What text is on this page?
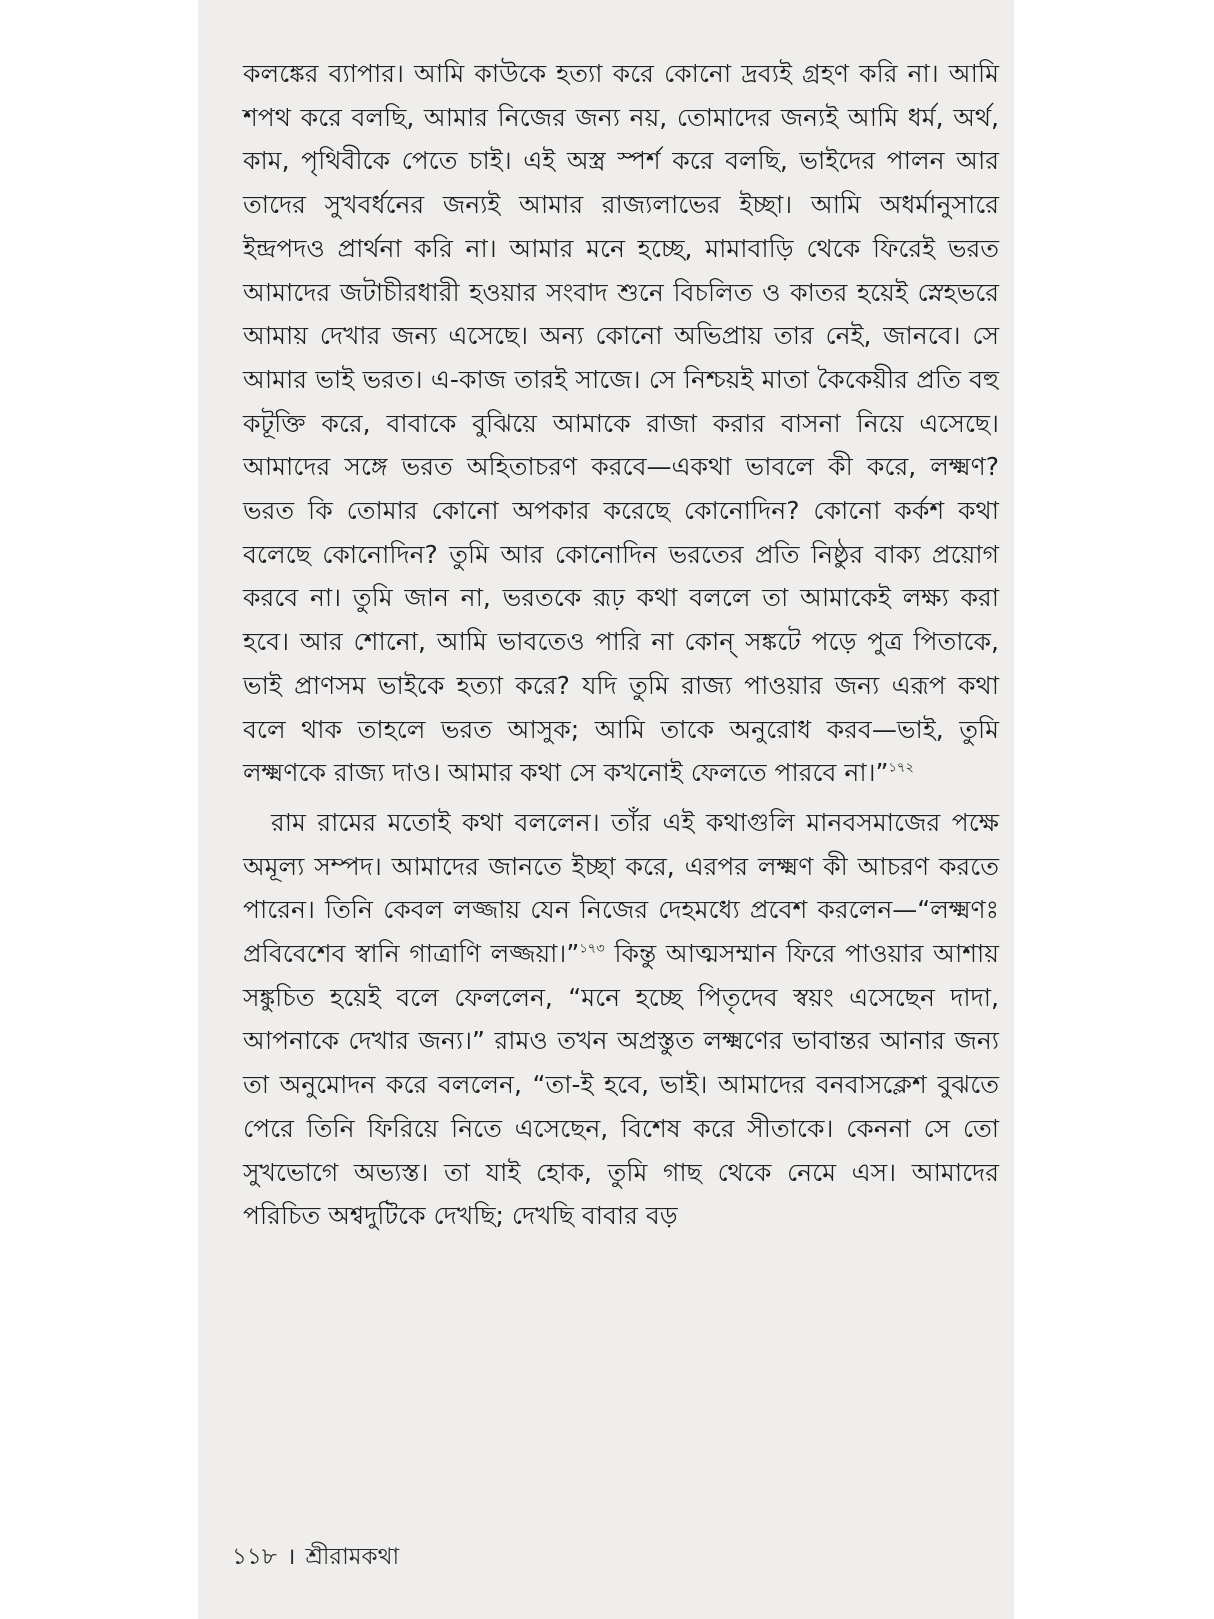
কলঙ্কের ব্যাপার। আমি কাউকে হত্যা করে কোনো দ্রব্যই গ্রহণ করি না। আমি শপথ করে বলছি, আমার নিজের জন্য নয়, তোমাদের জন্যই আমি ধর্ম, অর্থ, কাম, পৃথিবীকে পেতে চাই। এই অস্ত্র স্পর্শ করে বলছি, ভাইদের পালন আর তাদের সুখবর্ধনের জন্যই আমার রাজ্যলাভের ইচ্ছা। আমি অধর্মানুসারে ইন্দ্রপদও প্রার্থনা করি না। আমার মনে হচ্ছে, মামাবাড়ি থেকে ফিরেই ভরত আমাদের জটাচীরধারী হওয়ার সংবাদ শুনে বিচলিত ও কাতর হয়েই স্নেহভরে আমায় দেখার জন্য এসেছে। অন্য কোনো অভিপ্রায় তার নেই, জানবে। সে আমার ভাই ভরত। এ-কাজ তারই সাজে। সে নিশ্চয়ই মাতা কৈকেয়ীর প্রতি বহু কটূক্তি করে, বাবাকে বুঝিয়ে আমাকে রাজা করার বাসনা নিয়ে এসেছে। আমাদের সঙ্গে ভরত অহিতাচরণ করবে—একথা ভাবলে কী করে, লক্ষ্মণ? ভরত কি তোমার কোনো অপকার করেছে কোনোদিন? কোনো কর্কশ কথা বলেছে কোনোদিন? তুমি আর কোনোদিন ভরতের প্রতি নিষ্ঠুর বাক্য প্রয়োগ করবে না। তুমি জান না, ভরতকে রূঢ় কথা বললে তা আমাকেই লক্ষ্য করা হবে। আর শোনো, আমি ভাবতেও পারি না কোন্ সঙ্কটে পড়ে পুত্র পিতাকে, ভাই প্রাণসম ভাইকে হত্যা করে? যদি তুমি রাজ্য পাওয়ার জন্য এরূপ কথা বলে থাক তাহলে ভরত আসুক; আমি তাকে অনুরোধ করব—ভাই, তুমি লক্ষ্মণকে রাজ্য দাও। আমার কথা সে কখনোই ফেলতে পারবে না।”$^{১৭২}$

রাম রামের মতোই কথা বললেন। তাঁর এই কথাগুলি মানবসমাজের পক্ষে অমূল্য সম্পদ। আমাদের জানতে ইচ্ছা করে, এরপর লক্ষ্মণ কী আচরণ করতে পারেন। তিনি কেবল লজ্জায় যেন নিজের দেহমধ্যে প্রবেশ করলেন—“লক্ষ্মণঃ প্রবিবেশেব স্বানি গাত্রাণি লজ্জয়া।”$^{১৭৩}$ কিন্তু আত্মসম্মান ফিরে পাওয়ার আশায় সঙ্কুচিত হয়েই বলে ফেললেন, “মনে হচ্ছে পিতৃদেব স্বয়ং এসেছেন দাদা, আপনাকে দেখার জন্য।” রামও তখন অপ্রস্তুত লক্ষ্মণের ভাবান্তর আনার জন্য তা অনুমোদন করে বললেন, “তা-ই হবে, ভাই। আমাদের বনবাসক্লেশ বুঝতে পেরে তিনি ফিরিয়ে নিতে এসেছেন, বিশেষ করে সীতাকে। কেননা সে তো সুখভোগে অভ্যস্ত। তা যাই হোক, তুমি গাছ থেকে নেমে এস। আমাদের পরিচিত অশ্বদুটিকে দেখছি; দেখছি বাবার বড়

১১৮ । শ্রীরামকথা
